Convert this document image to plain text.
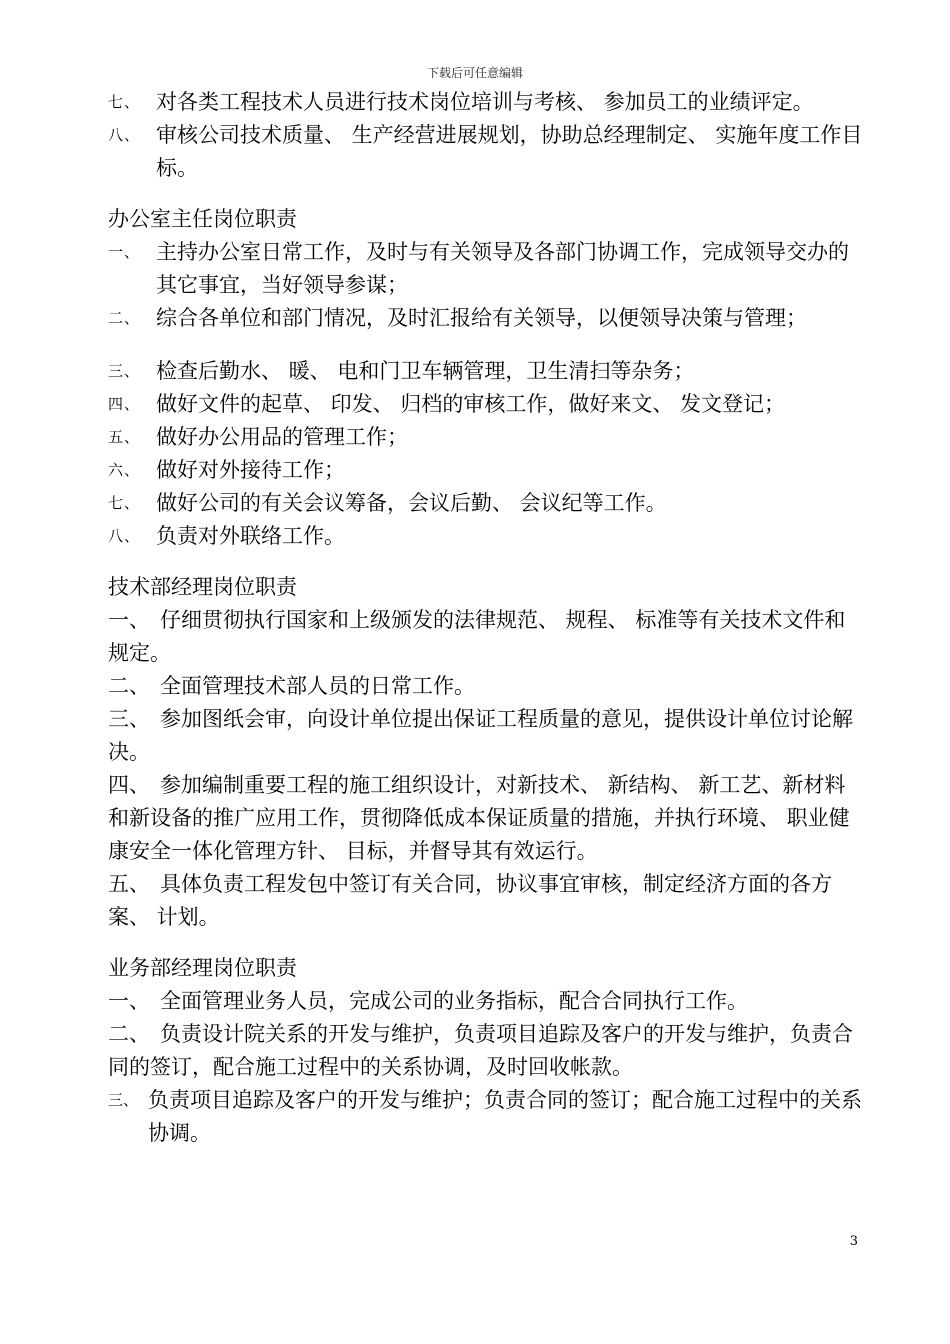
下载后可任意编辑
七、 对各类工程技术人员进行技术岗位培训与考核、 参加员工的业绩评定。
八、 审核公司技术质量、 生产经营进展规划，协助总经理制定、 实施年度工作目标。
办公室主任岗位职责
一、 主持办公室日常工作，及时与有关领导及各部门协调工作，完成领导交办的其它事宜，当好领导参谋；
二、 综合各单位和部门情况，及时汇报给有关领导，以便领导决策与管理；
三、 检查后勤水、 暖、 电和门卫车辆管理，卫生清扫等杂务；
四、 做好文件的起草、 印发、 归档的审核工作，做好来文、 发文登记；
五、 做好办公用品的管理工作；
六、 做好对外接待工作；
七、 做好公司的有关会议筹备，会议后勤、 会议纪等工作。
八、 负责对外联络工作。
技术部经理岗位职责
一、 仔细贯彻执行国家和上级颁发的法律规范、 规程、 标准等有关技术文件和规定。
二、 全面管理技术部人员的日常工作。
三、 参加图纸会审，向设计单位提出保证工程质量的意见，提供设计单位讨论解决。
四、 参加编制重要工程的施工组织设计，对新技术、 新结构、 新工艺、新材料和新设备的推广应用工作，贯彻降低成本保证质量的措施，并执行环境、 职业健康安全一体化管理方针、 目标，并督导其有效运行。
五、 具体负责工程发包中签订有关合同，协议事宜审核，制定经济方面的各方案、 计划。
业务部经理岗位职责
一、 全面管理业务人员，完成公司的业务指标，配合合同执行工作。
二、 负责设计院关系的开发与维护，负责项目追踪及客户的开发与维护，负责合同的签订，配合施工过程中的关系协调，及时回收帐款。
三、 负责项目追踪及客户的开发与维护；负责合同的签订；配合施工过程中的关系协调。
3
